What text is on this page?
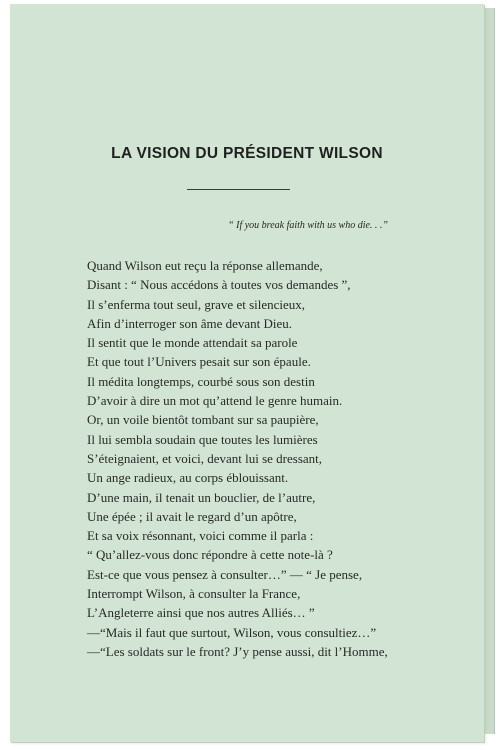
LA VISION DU PRÉSIDENT WILSON
“ If you break faith with us who die. . .”
Quand Wilson eut reçu la réponse allemande,
Disant : “ Nous accédons à toutes vos demandes ”,
Il s’enferma tout seul, grave et silencieux,
Afin d’interroger son âme devant Dieu.
Il sentit que le monde attendait sa parole
Et que tout l’Univers pesait sur son épaule.
Il médita longtemps, courbé sous son destin
D’avoir à dire un mot qu’attend le genre humain.
Or, un voile bientôt tombant sur sa paupière,
Il lui sembla soudain que toutes les lumières
S’éteignaient, et voici, devant lui se dressant,
Un ange radieux, au corps éblouissant.
D’une main, il tenait un bouclier, de l’autre,
Une épée ; il avait le regard d’un apôtre,
Et sa voix résonnant, voici comme il parla :
“ Qu’allez-vous donc répondre à cette note-là ?
Est-ce que vous pensez à consulter…” — “ Je pense,
Interrompt Wilson, à consulter la France,
L’Angleterre ainsi que nos autres Alliés… ”
—“Mais il faut que surtout, Wilson, vous consultiez…”
—“Les soldats sur le front? J’y pense aussi, dit l’Homme,
